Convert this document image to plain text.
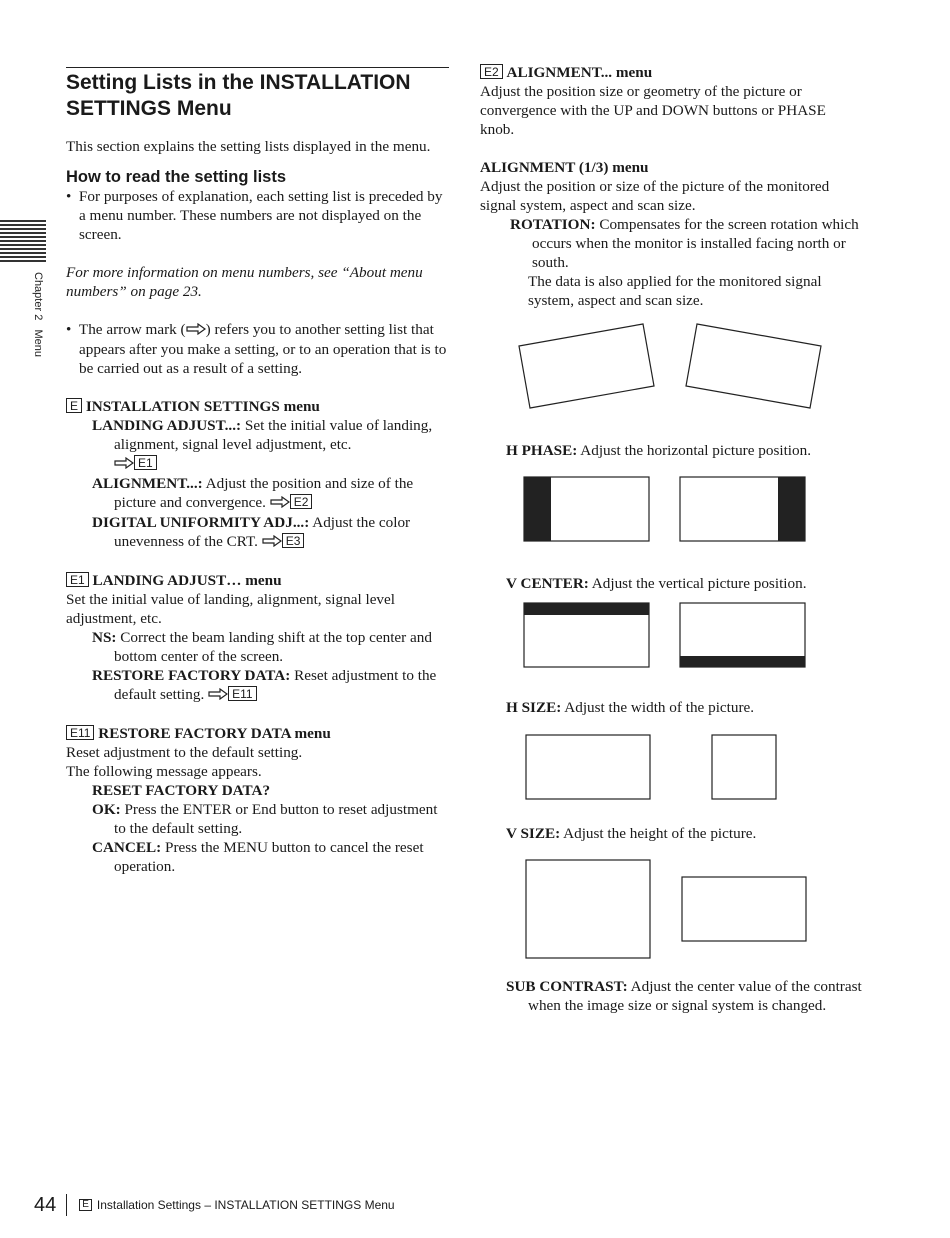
Chapter 2   Menu
Setting Lists in the INSTALLATION
SETTINGS Menu

This section explains the setting lists displayed in the menu.

How to read the setting lists

•  For purposes of explanation, each setting list is preceded by a menu number. These numbers are not displayed on the screen.

For more information on menu numbers, see “About menu numbers” on page 23.

•  The arrow mark ( ) refers you to another setting list that appears after you make a setting, or to an operation that is to be carried out as a result of a setting.

E INSTALLATION SETTINGS menu

LANDING ADJUST...: Set the initial value of landing, alignment, signal level adjustment, etc.
E1

ALIGNMENT...: Adjust the position and size of the picture and convergence. E2

DIGITAL UNIFORMITY ADJ...: Adjust the color unevenness of the CRT. E3

E1 LANDING ADJUST… menu

Set the initial value of landing, alignment, signal level adjustment, etc.

NS: Correct the beam landing shift at the top center and bottom center of the screen.

RESTORE FACTORY DATA: Reset adjustment to the default setting. E11

E11 RESTORE FACTORY DATA menu

Reset adjustment to the default setting.

The following message appears.

RESET FACTORY DATA?

OK: Press the ENTER or End button to reset adjustment to the default setting.

CANCEL: Press the MENU button to cancel the reset operation.

E2 ALIGNMENT... menu

Adjust the position size or geometry of the picture or convergence with the UP and DOWN buttons or PHASE knob.

ALIGNMENT (1/3) menu

Adjust the position or size of the picture of the monitored signal system, aspect and scan size.

ROTATION: Compensates for the screen rotation which occurs when the monitor is installed facing north or south.

The data is also applied for the monitored signal system, aspect and scan size.

H PHASE: Adjust the horizontal picture position.
V CENTER: Adjust the vertical picture position.
H SIZE: Adjust the width of the picture.
V SIZE: Adjust the height of the picture.
SUB CONTRAST: Adjust the center value of the contrast when the image size or signal system is changed.
44	E Installation Settings – INSTALLATION SETTINGS Menu
